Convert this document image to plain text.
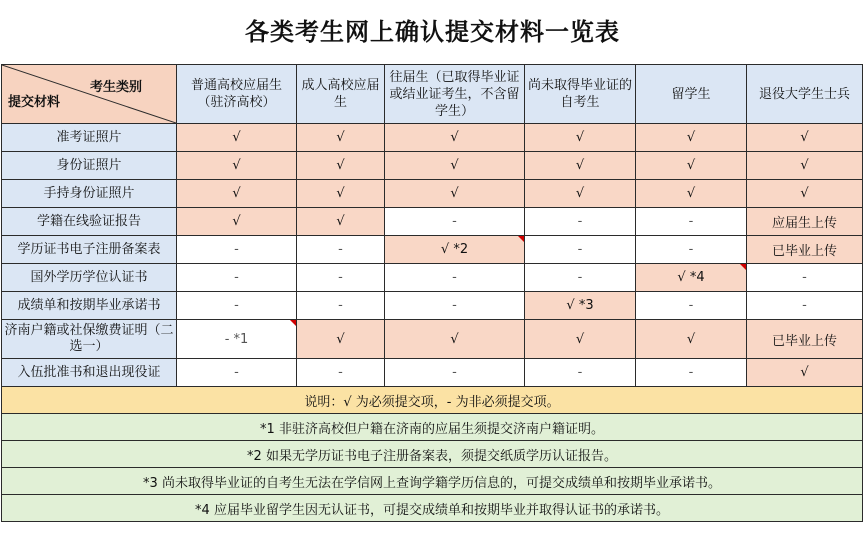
各类考生网上确认提交材料一览表
考生类别
提交材料	普通高校应届生（驻济高校）	成人高校应届生	往届生（已取得毕业证或结业证考生，不含留学生）	尚未取得毕业证的自考生	留学生	退役大学生士兵
准考证照片	√	√	√	√	√	√
身份证照片	√	√	√	√	√	√
手持身份证照片	√	√	√	√	√	√
学籍在线验证报告	√	√	-	-	-	应届生上传
学历证书电子注册备案表	-	-	√ *2	-	-	已毕业上传
国外学历学位认证书	-	-	-	-	√ *4	-
成绩单和按期毕业承诺书	-	-	-	√ *3	-	-
济南户籍或社保缴费证明（二选一）	- *1	√	√	√	√	已毕业上传
入伍批准书和退出现役证	-	-	-	-	-	√
说明：√ 为必须提交项，- 为非必须提交项。						
*1 非驻济高校但户籍在济南的应届生须提交济南户籍证明。						
*2 如果无学历证书电子注册备案表，须提交纸质学历认证报告。						
*3 尚未取得毕业证的自考生无法在学信网上查询学籍学历信息的，可提交成绩单和按期毕业承诺书。						
*4 应届毕业留学生因无认证书，可提交成绩单和按期毕业并取得认证书的承诺书。						
